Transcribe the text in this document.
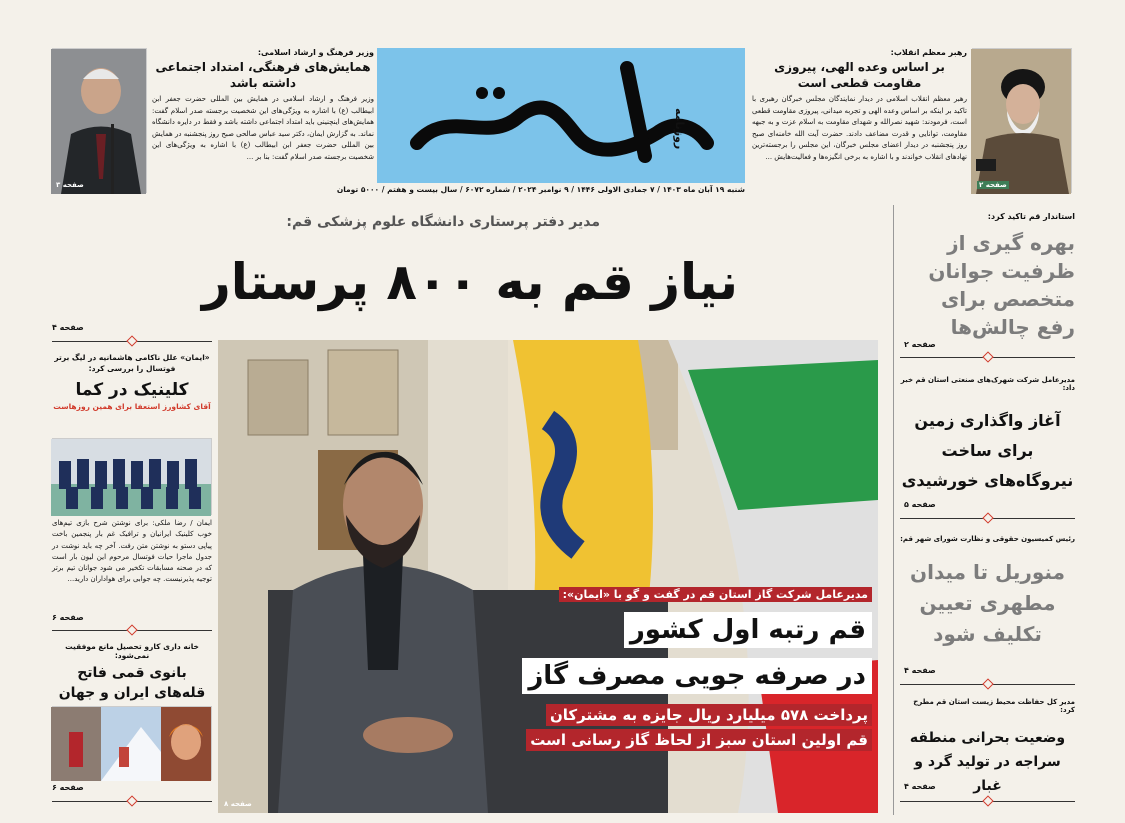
روزنامه
شنبه ۱۹ آبان ماه ۱۴۰۳ / ۷ جمادی الاولی ۱۴۴۶ / ۹ نوامبر ۲۰۲۴ / شماره ۶۰۷۲ / سال بیست و هفتم / ۵۰۰۰ تومان
صفحه ۳
وزیر فرهنگ و ارشاد اسلامی:
همایش‌های فرهنگی، امتداد اجتماعی داشته باشد
وزیر فرهنگ و ارشاد اسلامی در همایش بین المللی حضرت جعفر ابن ابیطالب (ع) با اشاره به ویژگی‌های این شخصیت برجسته صدر اسلام گفت: همایش‌های اینچنینی باید امتداد اجتماعی داشته باشد و فقط در دایره دانشگاه نماند. به گزارش ایمان، دکتر سید عباس صالحی صبح روز پنجشنبه در همایش بین المللی حضرت جعفر ابن ابیطالب (ع) با اشاره به ویژگی‌های این شخصیت برجسته صدر اسلام گفت: بنا بر ...
رهبر معظم انقلاب:
بر اساس وعده الهی، پیروزی مقاومت قطعی است
رهبر معظم انقلاب اسلامی در دیدار نمایندگان مجلس خبرگان رهبری با تاکید بر اینکه بر اساس وعده الهی و تجربه میدانی، پیروزی مقاومت قطعی است، فرمودند: شهید نصرالله و شهدای مقاومت به اسلام عزت و به جبهه مقاومت، توانایی و قدرت مضاعف دادند. حضرت آیت الله خامنه‌ای صبح روز پنجشنبه در دیدار اعضای مجلس خبرگان، این مجلس را برجسته‌ترین نهادهای انقلاب خواندند و با اشاره به برخی انگیزه‌ها و فعالیت‌هایش ...
صفحه ۲
استاندار قم تاکید کرد:
بهره گیری از ظرفیت جوانان متخصص برای رفع چالش‌ها
صفحه ۲
مدیرعامل شرکت شهرک‌های صنعتی استان قم خبر داد:
آغاز واگذاری زمین برای ساخت نیروگاه‌های خورشیدی
صفحه ۵
رئیس کمیسیون حقوقی و نظارت شورای شهر قم:
منوریل تا میدان مطهری تعیین تکلیف شود
صفحه ۴
مدیر کل حفاظت محیط زیست استان قم مطرح کرد:
وضعیت بحرانی منطقه سراجه در تولید گرد و غبار
صفحه ۴
مدیر دفتر پرستاری دانشگاه علوم پزشکی قم:
نیاز قم به ۸۰۰ پرستار
صفحه ۴
مدیرعامل شرکت گاز استان قم در گفت و گو با «ایمان»:
قم رتبه اول کشور
در صرفه جویی مصرف گاز
پرداخت ۵۷۸ میلیارد ریال جایزه به مشترکان
قم اولین استان سبز از لحاظ گاز رسانی است
صفحه ۸
«ایمان» علل ناکامی هاشمانیه در لیگ برتر فوتسال را بررسی کرد:
کلینیک در کما
آقای کشاورز استعفا برای همین روزهاست
ایمان / رضا ملکی: برای نوشتن شرح بازی تیم‌های خوب کلینیک ایرانیان و ترافیک غم بار پنجمین باخت پیاپی دستو به نوشتن متن رفت. آخر چه باید نوشت در جدول ماجرا حیات فوتسال مرحوم این لیون بار است که در صحنه مسابقات تکخیر می شود جوانان تیم برتر توجیه پذیرنیست. چه جوابی برای هواداران دارید...
صفحه ۶
خانه داری کارو تحصیل مانع موفقیت نمی‌شود:
بانوی قمی فاتح قله‌های ایران و جهان
صفحه ۶
